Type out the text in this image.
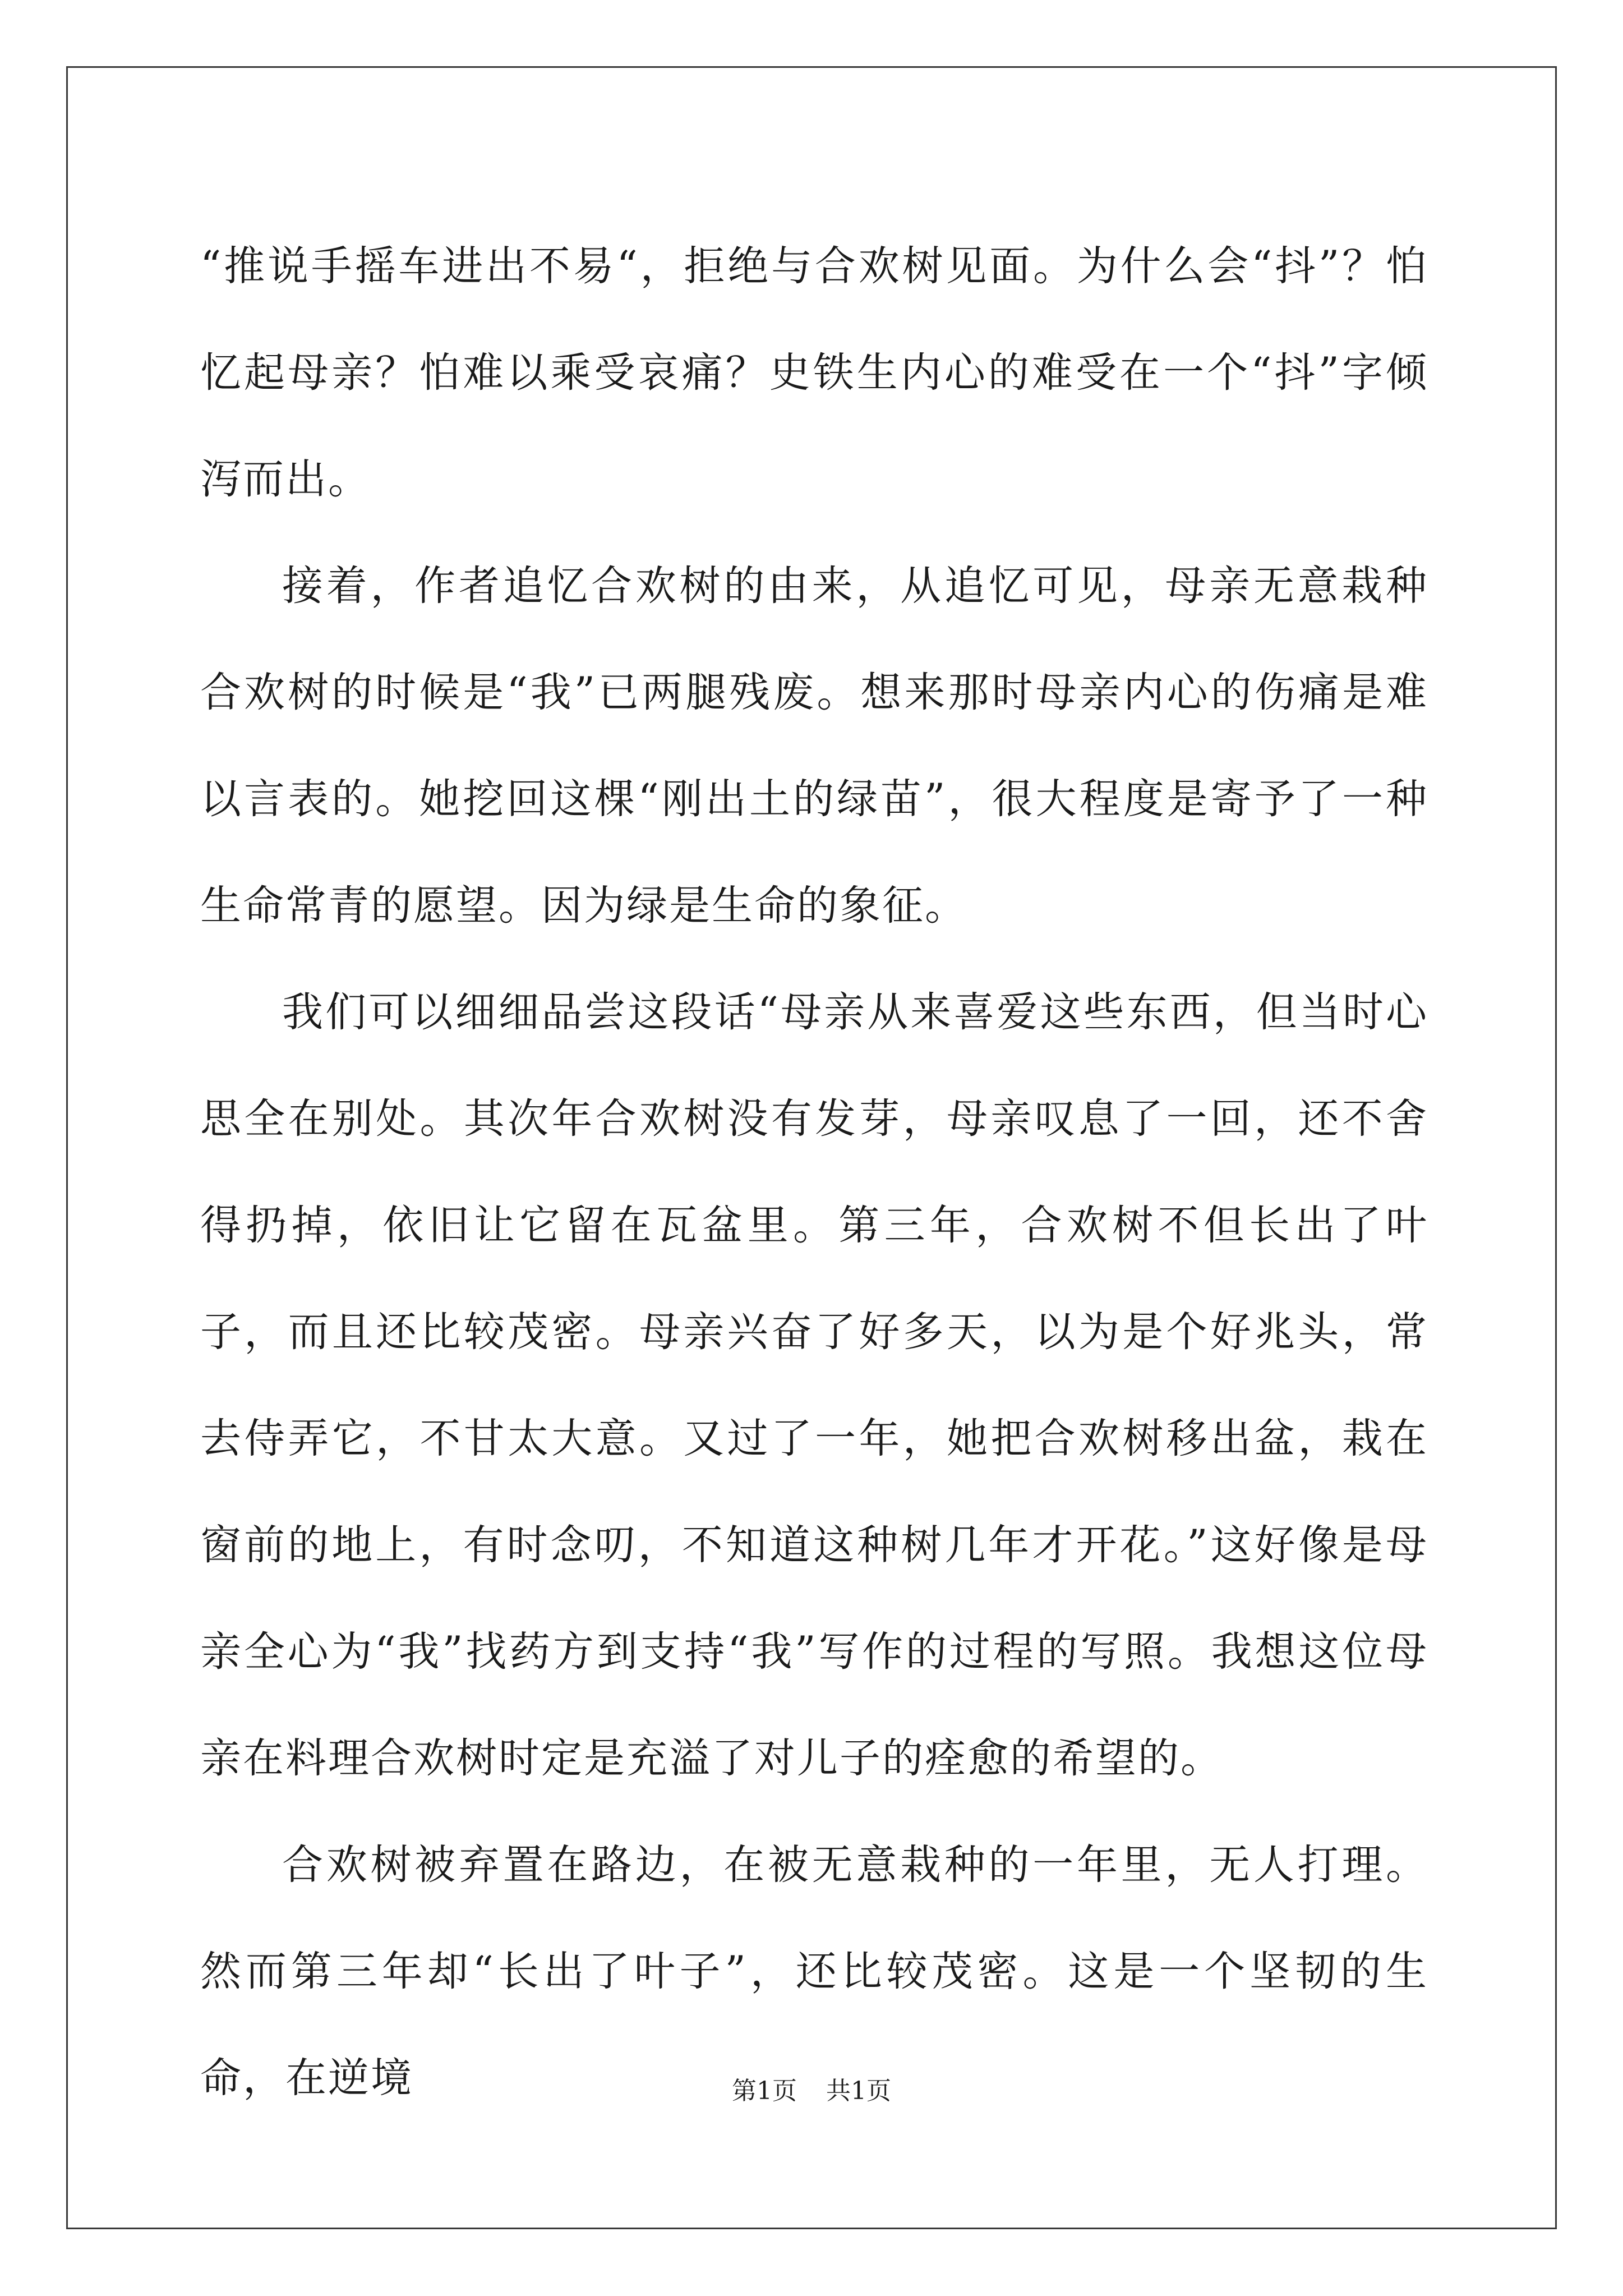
“推说手摇车进出不易“，拒绝与合欢树见面。为什么会“抖”？怕忆起母亲？怕难以乘受哀痛？史铁生内心的难受在一个“抖”字倾泻而出。

接着，作者追忆合欢树的由来，从追忆可见，母亲无意栽种合欢树的时候是“我”已两腿残废。想来那时母亲内心的伤痛是难以言表的。她挖回这棵“刚出土的绿苗”，很大程度是寄予了一种生命常青的愿望。因为绿是生命的象征。

我们可以细细品尝这段话“母亲从来喜爱这些东西，但当时心思全在别处。其次年合欢树没有发芽，母亲叹息了一回，还不舍得扔掉，依旧让它留在瓦盆里。第三年，合欢树不但长出了叶子，而且还比较茂密。母亲兴奋了好多天，以为是个好兆头，常去侍弄它，不甘太大意。又过了一年，她把合欢树移出盆，栽在窗前的地上，有时念叨，不知道这种树几年才开花。”这好像是母亲全心为“我”找药方到支持“我”写作的过程的写照。我想这位母亲在料理合欢树时定是充溢了对儿子的痊愈的希望的。

合欢树被弃置在路边，在被无意栽种的一年里，无人打理。然而第三年却“长出了叶子”，还比较茂密。这是一个坚韧的生命，在逆境	第1页 共1页
